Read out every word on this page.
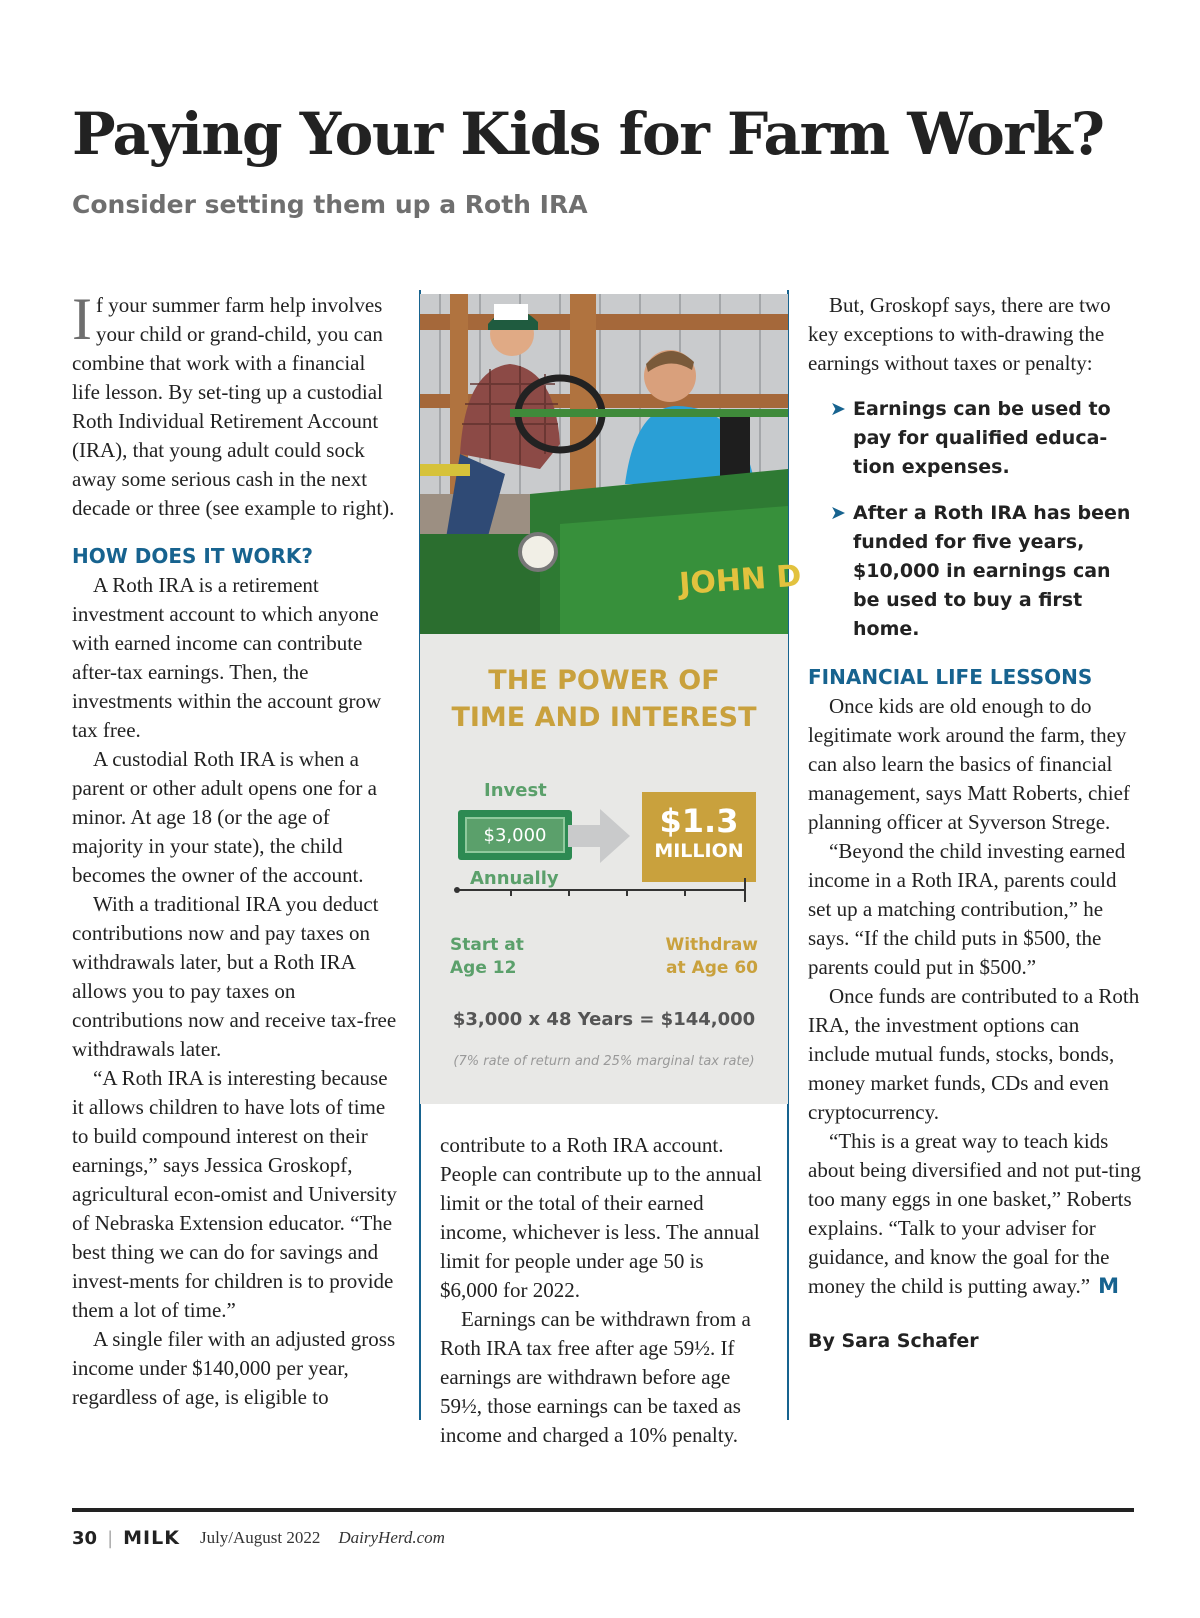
Paying Your Kids for Farm Work?
Consider setting them up a Roth IRA

If your summer farm help involves your child or grand-child, you can combine that work with a financial life lesson. By set-ting up a custodial Roth Individual Retirement Account (IRA), that young adult could sock away some serious cash in the next decade or three (see example to right).

HOW DOES IT WORK?

A Roth IRA is a retirement investment account to which anyone with earned income can contribute after-tax earnings. Then, the investments within the account grow tax free.

A custodial Roth IRA is when a parent or other adult opens one for a minor. At age 18 (or the age of majority in your state), the child becomes the owner of the account.

With a traditional IRA you deduct contributions now and pay taxes on withdrawals later, but a Roth IRA allows you to pay taxes on contributions now and receive tax-free withdrawals later.

“A Roth IRA is interesting because it allows children to have lots of time to build compound interest on their earnings,” says Jessica Groskopf, agricultural econ-omist and University of Nebraska Extension educator. “The best thing we can do for savings and invest-ments for children is to provide them a lot of time.”

A single filer with an adjusted gross income under $140,000 per year, regardless of age, is eligible to

JOHN D
THE POWER OF
TIME AND INTEREST
Invest
$3,000
Annually
$1.3
MILLION
Start at
Age 12
Withdraw
at Age 60
$3,000 x 48 Years = $144,000
(7% rate of return and 25% marginal tax rate)

contribute to a Roth IRA account. People can contribute up to the annual limit or the total of their earned income, whichever is less. The annual limit for people under age 50 is $6,000 for 2022.

Earnings can be withdrawn from a Roth IRA tax free after age 59½. If earnings are withdrawn before age 59½, those earnings can be taxed as income and charged a 10% penalty.

But, Groskopf says, there are two key exceptions to with-drawing the earnings without taxes or penalty:

➤ Earnings can be used to pay for qualified educa-tion expenses.
➤ After a Roth IRA has been funded for five years, $10,000 in earnings can be used to buy a first home.
FINANCIAL LIFE LESSONS

Once kids are old enough to do legitimate work around the farm, they can also learn the basics of financial management, says Matt Roberts, chief planning officer at Syverson Strege.

“Beyond the child investing earned income in a Roth IRA, parents could set up a matching contribution,” he says. “If the child puts in $500, the parents could put in $500.”

Once funds are contributed to a Roth IRA, the investment options can include mutual funds, stocks, bonds, money market funds, CDs and even cryptocurrency.

“This is a great way to teach kids about being diversified and not put-ting too many eggs in one basket,” Roberts explains. “Talk to your adviser for guidance, and know the goal for the money the child is putting away.” M

By Sara Schafer
30 | MILK July/August 2022 DairyHerd.com
